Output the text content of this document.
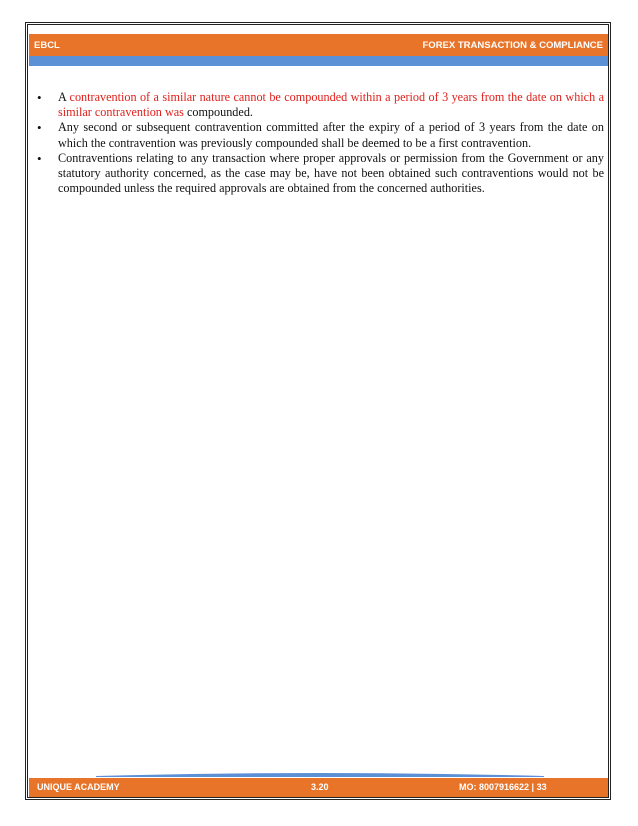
EBCL	FOREX TRANSACTION & COMPLIANCE
• A contravention of a similar nature cannot be compounded within a period of 3 years from the date on which a similar contravention was compounded.
• Any second or subsequent contravention committed after the expiry of a period of 3 years from the date on which the contravention was previously compounded shall be deemed to be a first contravention.
• Contraventions relating to any transaction where proper approvals or permission from the Government or any statutory authority concerned, as the case may be, have not been obtained such contraventions would not be compounded unless the required approvals are obtained from the concerned authorities.
UNIQUE ACADEMY	3.20	MO: 8007916622 | 33
